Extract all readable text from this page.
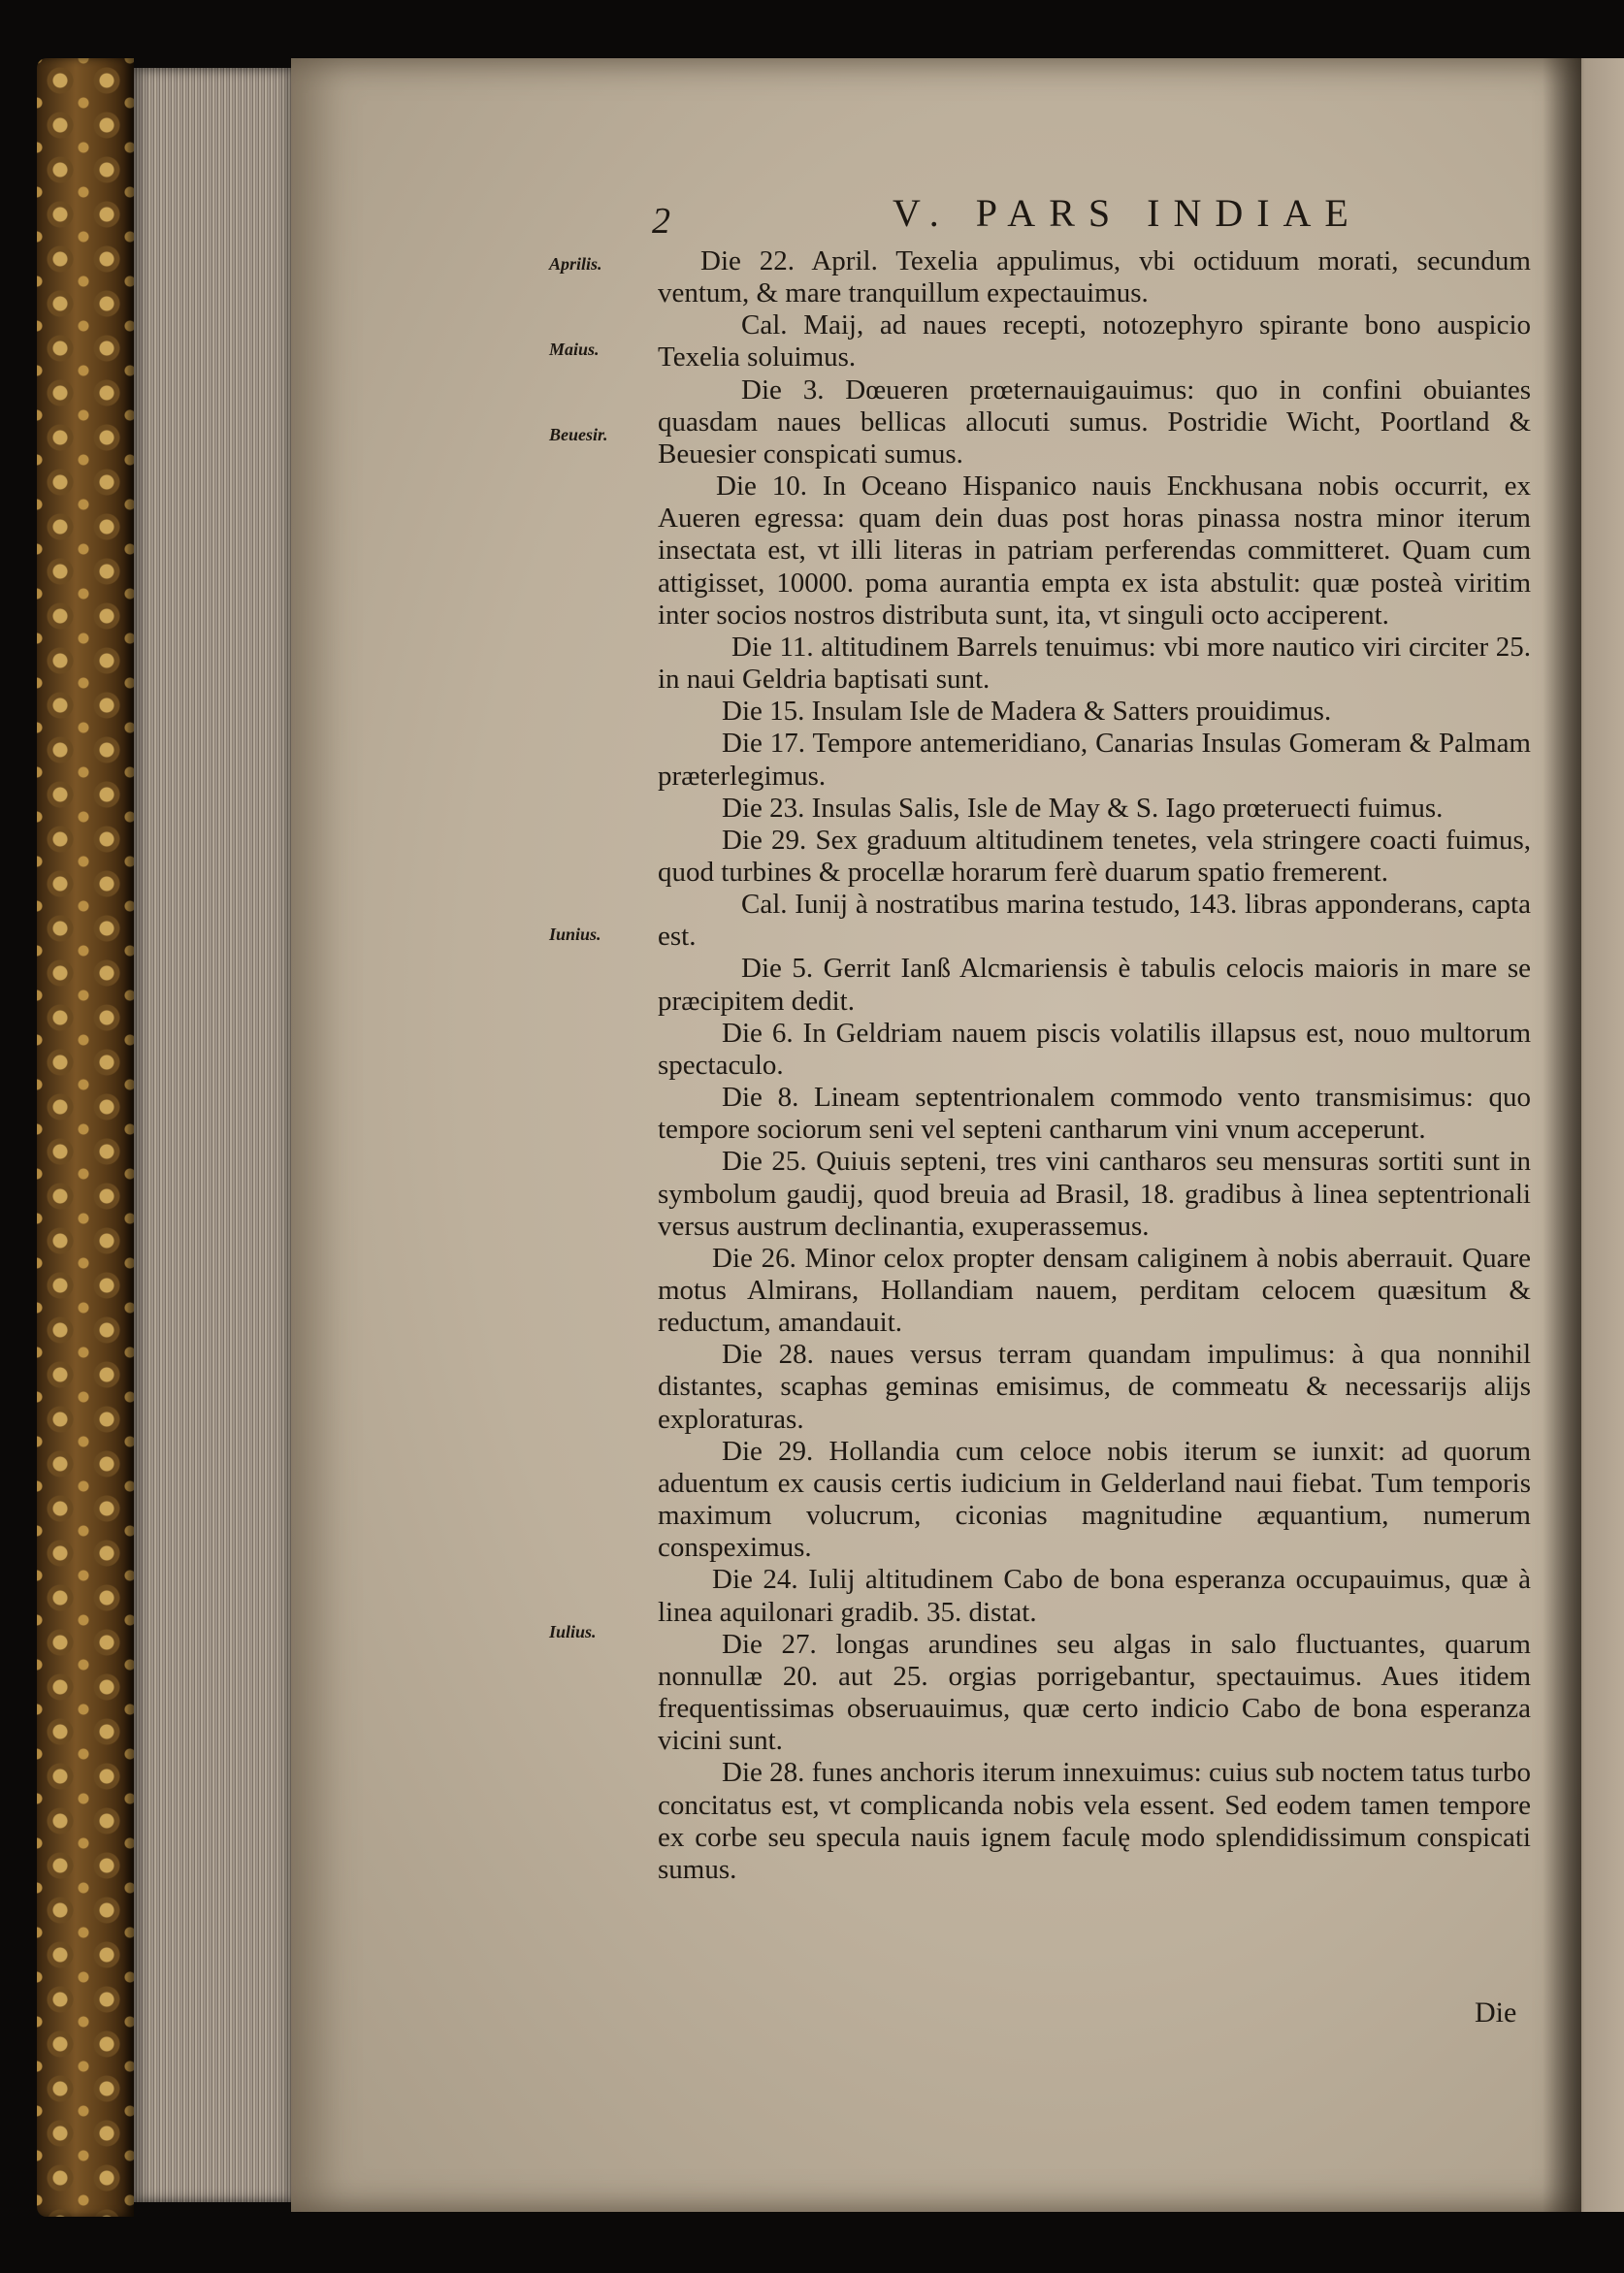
2	V. PARS INDIAE
Aprilis.
Maius.
Beuesir.
Iunius.
Iulius.

Die 22. April. Texelia appulimus, vbi octiduum morati, secundum ventum, & mare tranquillum expectauimus.

Cal. Maij, ad naues recepti, notozephyro spirante bono auspicio Texelia soluimus.

Die 3. Dœueren prœternauigauimus: quo in confini obuiantes quasdam naues bellicas allocuti sumus. Postridie Wicht, Poortland & Beuesier conspicati sumus.

Die 10. In Oceano Hispanico nauis Enckhusana nobis occurrit, ex Aueren egressa: quam dein duas post horas pinassa nostra minor iterum insectata est, vt illi literas in patriam perferendas committeret. Quam cum attigisset, 10000. poma aurantia empta ex ista abstulit: quæ posteà viritim inter socios nostros distributa sunt, ita, vt singuli octo acciperent.

Die 11. altitudinem Barrels tenuimus: vbi more nautico viri circiter 25. in naui Geldria baptisati sunt.

Die 15. Insulam Isle de Madera & Satters prouidimus.

Die 17. Tempore antemeridiano, Canarias Insulas Gomeram & Palmam præterlegimus.

Die 23. Insulas Salis, Isle de May & S. Iago prœteruecti fuimus.

Die 29. Sex graduum altitudinem tenetes, vela stringere coacti fuimus, quod turbines & procellæ horarum ferè duarum spatio fremerent.

Cal. Iunij à nostratibus marina testudo, 143. libras apponderans, capta est.

Die 5. Gerrit Ianß Alcmariensis è tabulis celocis maioris in mare se præcipitem dedit.

Die 6. In Geldriam nauem piscis volatilis illapsus est, nouo multorum spectaculo.

Die 8. Lineam septentrionalem commodo vento transmisimus: quo tempore sociorum seni vel septeni cantharum vini vnum acceperunt.

Die 25. Quiuis septeni, tres vini cantharos seu mensuras sortiti sunt in symbolum gaudij, quod breuia ad Brasil, 18. gradibus à linea septentrionali versus austrum declinantia, exuperassemus.

Die 26. Minor celox propter densam caliginem à nobis aberrauit. Quare motus Almirans, Hollandiam nauem, perditam celocem quæsitum & reductum, amandauit.

Die 28. naues versus terram quandam impulimus: à qua nonnihil distantes, scaphas geminas emisimus, de commeatu & necessarijs alijs exploraturas.

Die 29. Hollandia cum celoce nobis iterum se iunxit: ad quorum aduentum ex causis certis iudicium in Gelderland naui fiebat. Tum temporis maximum volucrum, ciconias magnitudine æquantium, numerum conspeximus.

Die 24. Iulij altitudinem Cabo de bona esperanza occupauimus, quæ à linea aquilonari gradib. 35. distat.

Die 27. longas arundines seu algas in salo fluctuantes, quarum nonnullæ 20. aut 25. orgias porrigebantur, spectauimus. Aues itidem frequentissimas obseruauimus, quæ certo indicio Cabo de bona esperanza vicini sunt.

Die 28. funes anchoris iterum innexuimus: cuius sub noctem tatus turbo concitatus est, vt complicanda nobis vela essent. Sed eodem tamen tempore ex corbe seu specula nauis ignem faculę modo splendidissimum conspicati sumus.

Die
